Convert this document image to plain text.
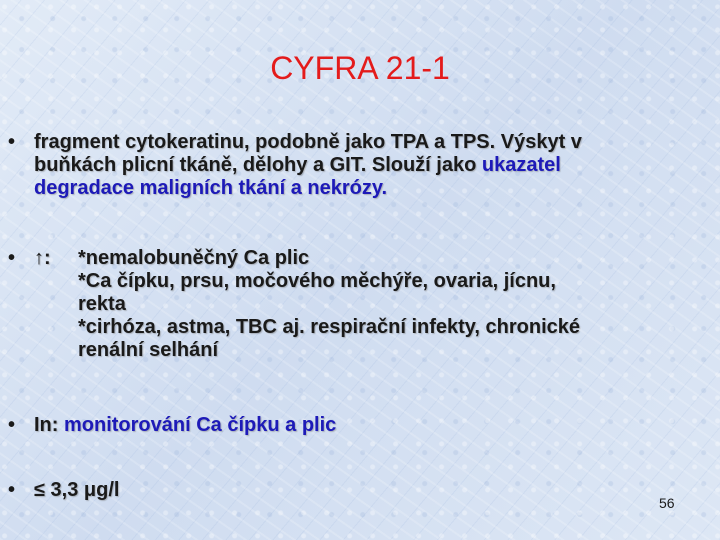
CYFRA 21-1
• fragment cytokeratinu, podobně jako TPA a TPS. Výskyt v
buňkách plicní tkáně, dělohy a GIT. Slouží jako ukazatel
degradace maligních tkání a nekrózy.
• ↑: *nemalobuněčný Ca plic
*Ca čípku, prsu, močového měchýře, ovaria, jícnu,
rekta
*cirhóza, astma, TBC aj. respirační infekty, chronické
renální selhání
• In: monitorování Ca čípku a plic
• ≤ 3,3 μg/l
56
